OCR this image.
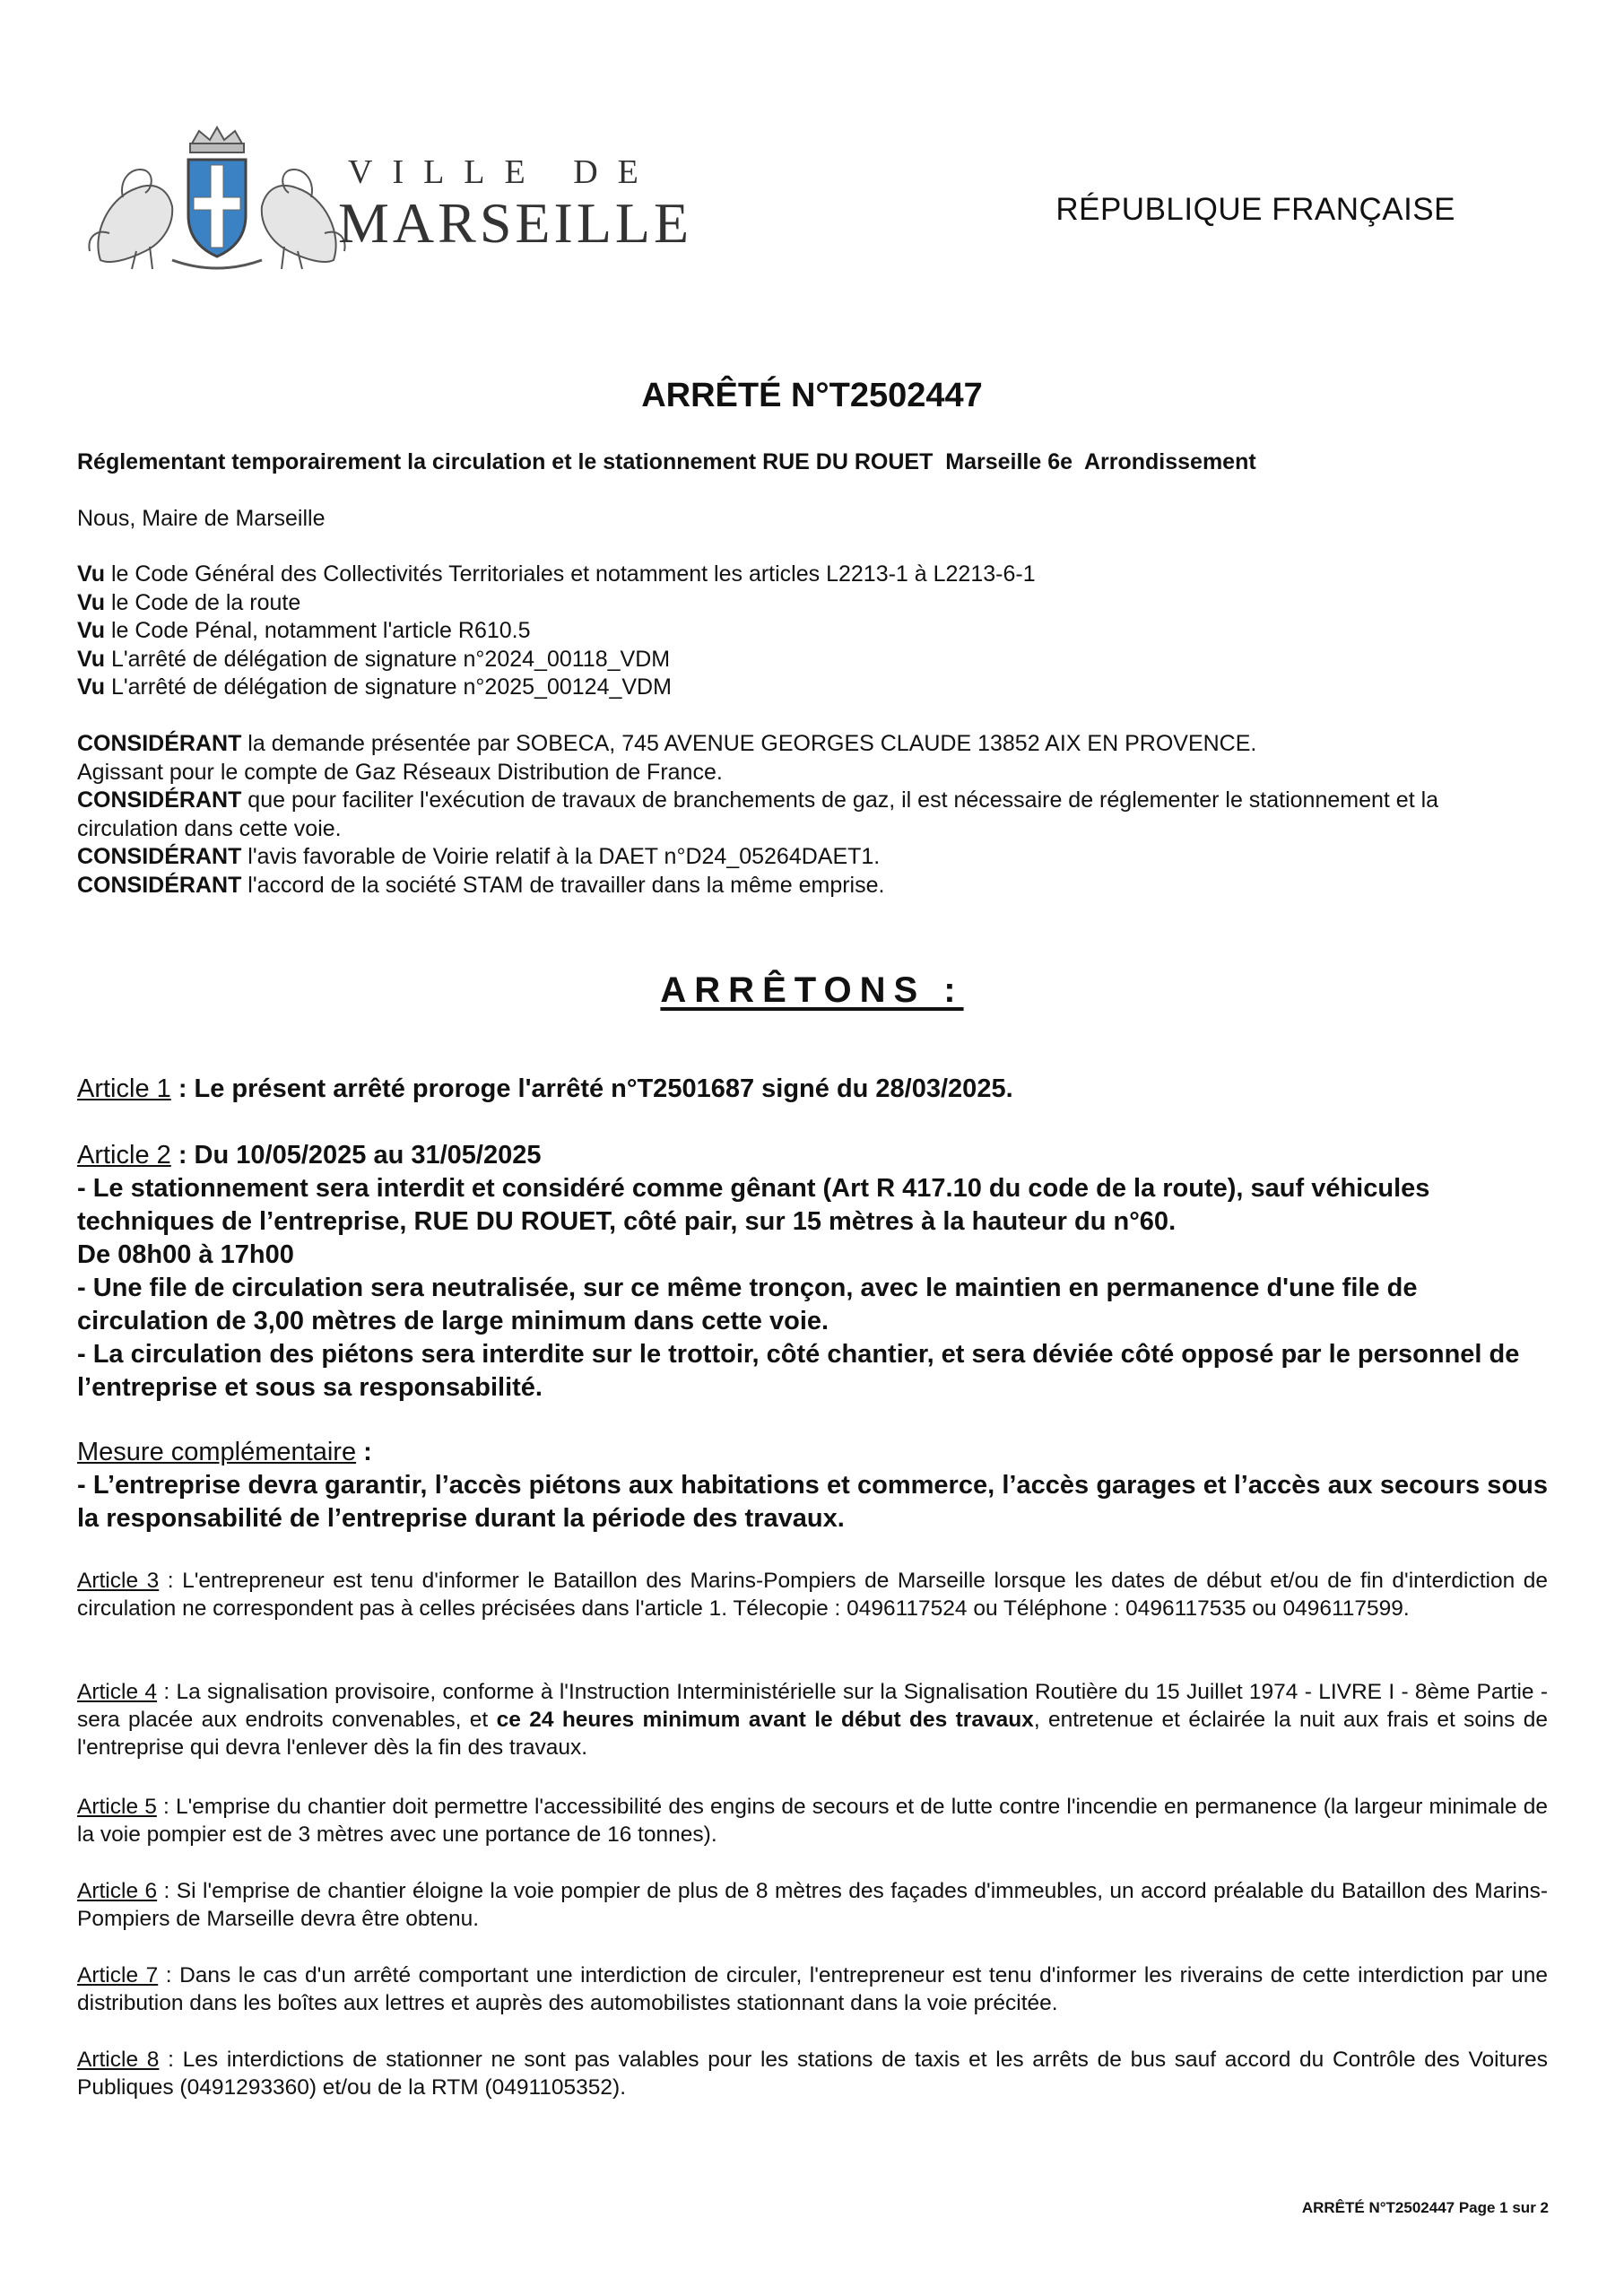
VILLE DE
MARSEILLE	RÉPUBLIQUE FRANÇAISE
ARRÊTÉ N°T2502447
Réglementant temporairement la circulation et le stationnement RUE DU ROUET  Marseille 6e  Arrondissement
Nous, Maire de Marseille
Vu le Code Général des Collectivités Territoriales et notamment les articles L2213-1 à L2213-6-1
Vu le Code de la route
Vu le Code Pénal, notamment l'article R610.5
Vu L'arrêté de délégation de signature n°2024_00118_VDM
Vu L'arrêté de délégation de signature n°2025_00124_VDM
CONSIDÉRANT la demande présentée par SOBECA, 745 AVENUE GEORGES CLAUDE 13852 AIX EN PROVENCE.
Agissant pour le compte de Gaz Réseaux Distribution de France.
CONSIDÉRANT que pour faciliter l'exécution de travaux de branchements de gaz, il est nécessaire de réglementer le stationnement et la circulation dans cette voie.
CONSIDÉRANT l'avis favorable de Voirie relatif à la DAET n°D24_05264DAET1.
CONSIDÉRANT l'accord de la société STAM de travailler dans la même emprise.
ARRÊTONS :
Article 1 : Le présent arrêté proroge l'arrêté n°T2501687 signé du 28/03/2025.
Article 2 : Du 10/05/2025 au 31/05/2025
- Le stationnement sera interdit et considéré comme gênant (Art R 417.10 du code de la route), sauf véhicules techniques de l’entreprise, RUE DU ROUET, côté pair, sur 15 mètres à la hauteur du n°60.
De 08h00 à 17h00
- Une file de circulation sera neutralisée, sur ce même tronçon, avec le maintien en permanence d'une file de circulation de 3,00 mètres de large minimum dans cette voie.
- La circulation des piétons sera interdite sur le trottoir, côté chantier, et sera déviée côté opposé par le personnel de l’entreprise et sous sa responsabilité.
Mesure complémentaire :
- L’entreprise devra garantir, l’accès piétons aux habitations et commerce, l’accès garages et l’accès aux secours sous la responsabilité de l’entreprise durant la période des travaux.
Article 3 : L'entrepreneur est tenu d'informer le Bataillon des Marins-Pompiers de Marseille lorsque les dates de début et/ou de fin d'interdiction de circulation ne correspondent pas à celles précisées dans l'article 1. Télecopie : 0496117524 ou Téléphone : 0496117535 ou 0496117599.
Article 4 : La signalisation provisoire, conforme à l'Instruction Interministérielle sur la Signalisation Routière du 15 Juillet 1974 - LIVRE I - 8ème Partie - sera placée aux endroits convenables, et ce 24 heures minimum avant le début des travaux, entretenue et éclairée la nuit aux frais et soins de l'entreprise qui devra l'enlever dès la fin des travaux.
Article 5 : L'emprise du chantier doit permettre l'accessibilité des engins de secours et de lutte contre l'incendie en permanence (la largeur minimale de la voie pompier est de 3 mètres avec une portance de 16 tonnes).
Article 6 : Si l'emprise de chantier éloigne la voie pompier de plus de 8 mètres des façades d'immeubles, un accord préalable du Bataillon des Marins-Pompiers de Marseille devra être obtenu.
Article 7 : Dans le cas d'un arrêté comportant une interdiction de circuler, l'entrepreneur est tenu d'informer les riverains de cette interdiction par une distribution dans les boîtes aux lettres et auprès des automobilistes stationnant dans la voie précitée.
Article 8 : Les interdictions de stationner ne sont pas valables pour les stations de taxis et les arrêts de bus sauf accord du Contrôle des Voitures Publiques (0491293360) et/ou de la RTM (0491105352).
ARRÊTÉ N°T2502447 Page 1 sur 2
